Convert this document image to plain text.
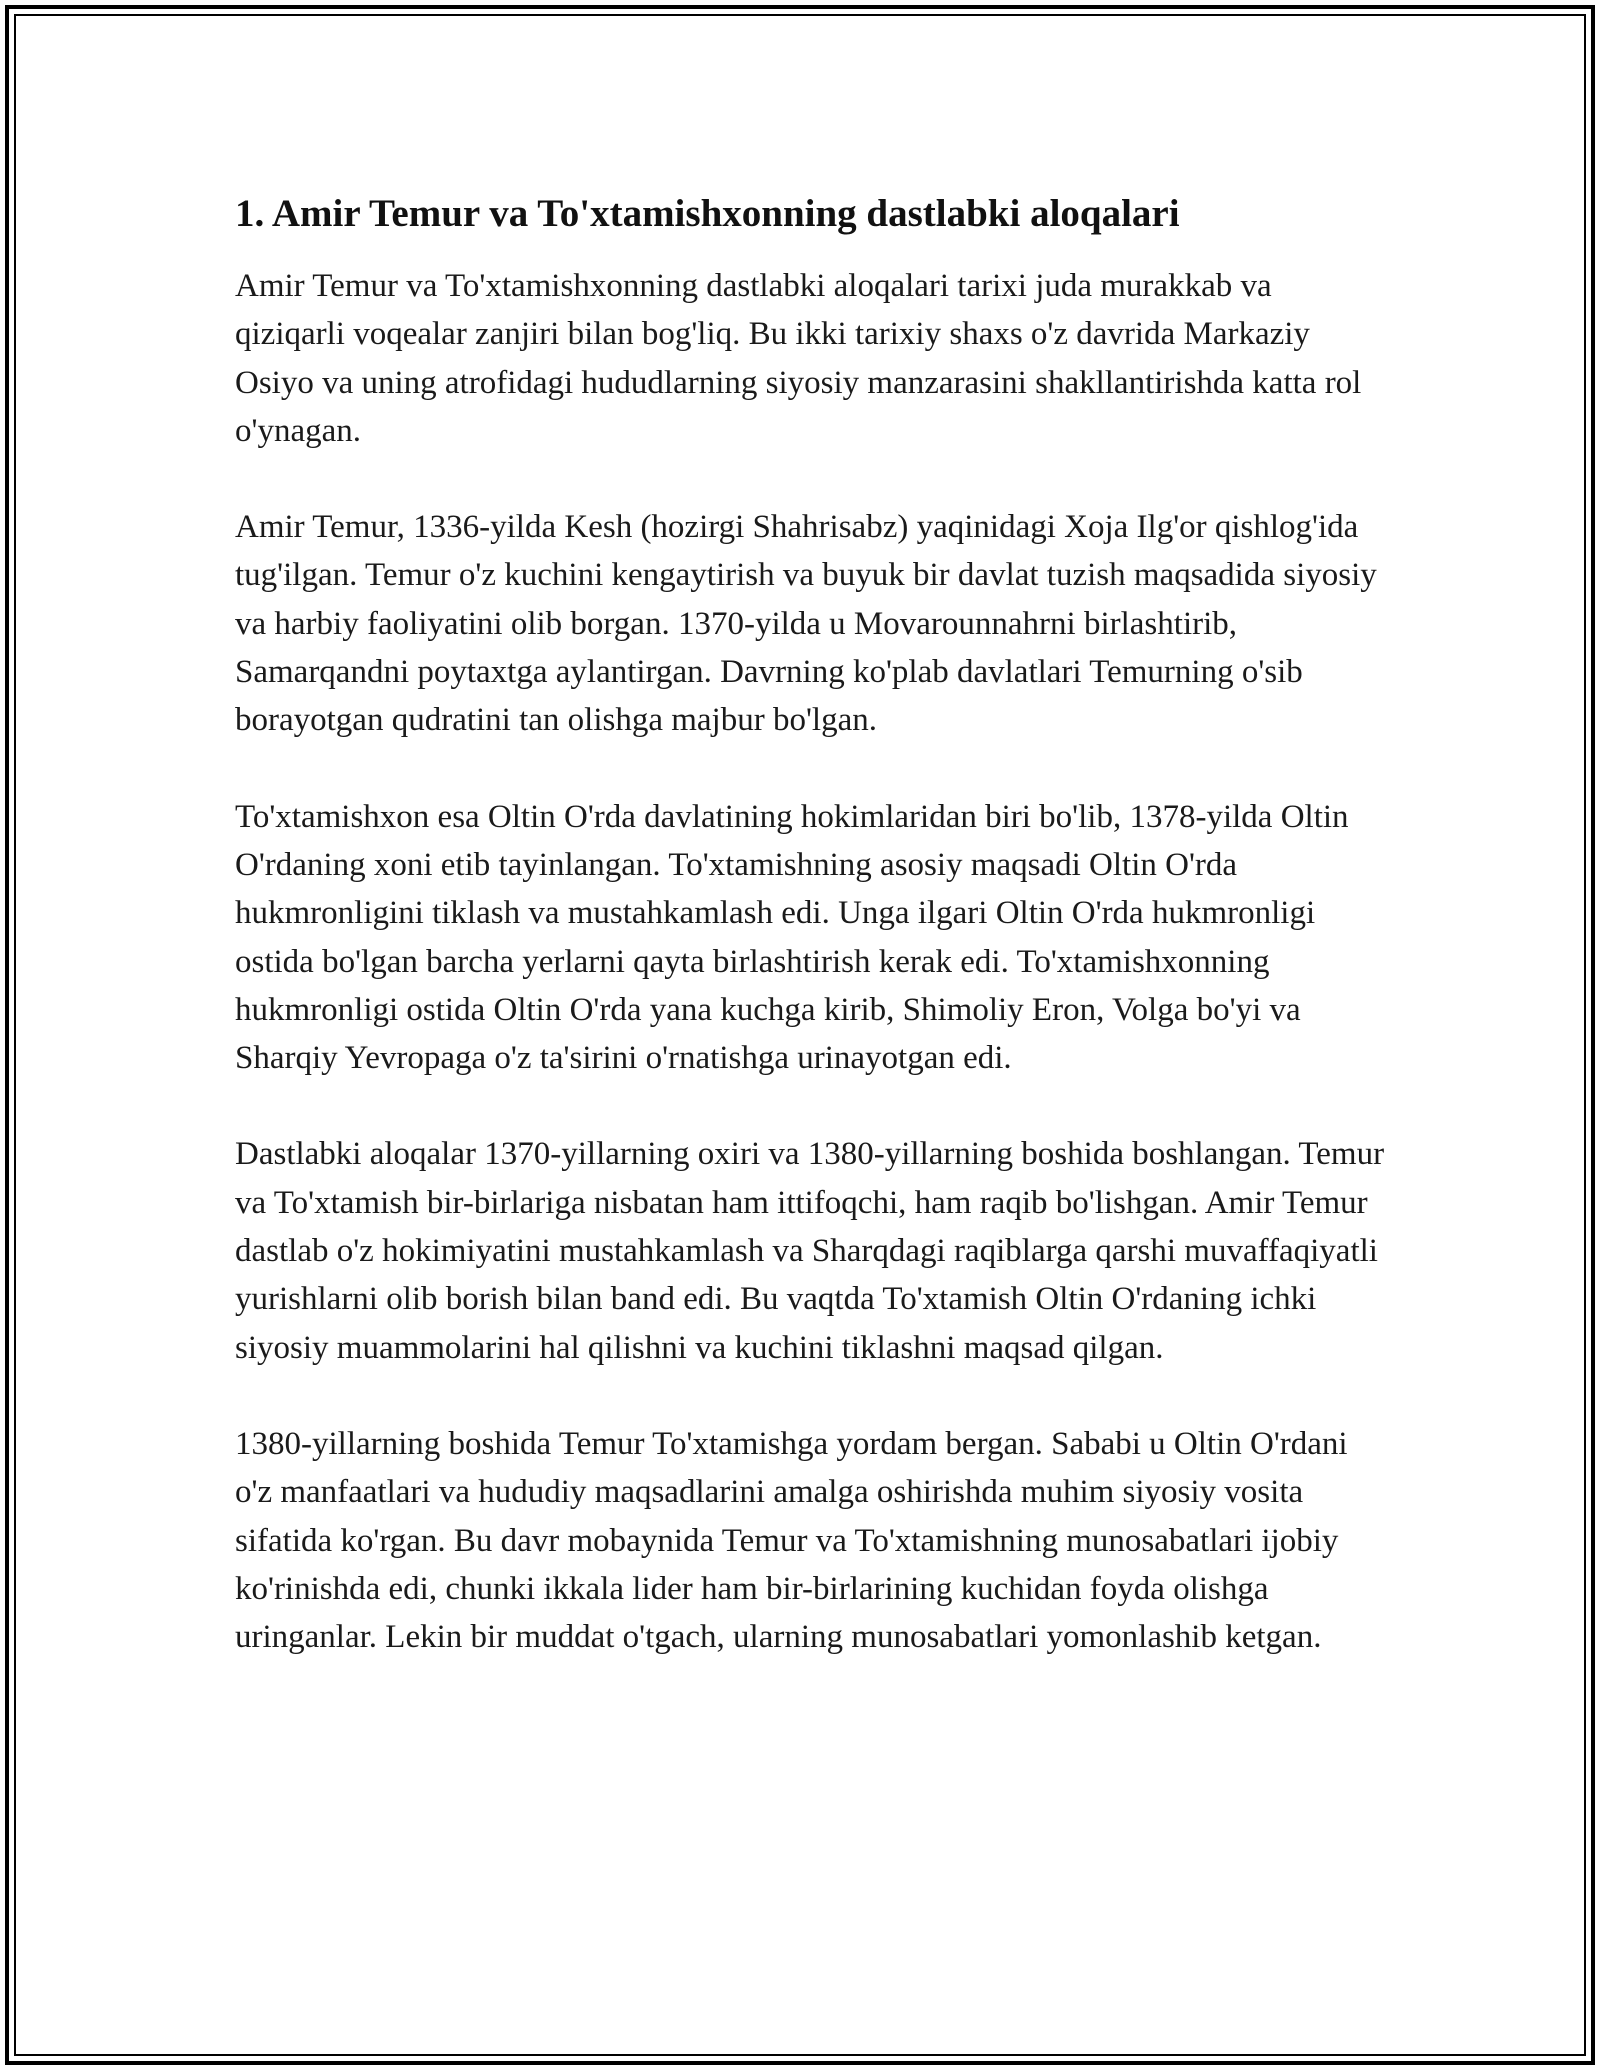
1. Amir Temur va To'xtamishxonning dastlabki aloqalari

Amir Temur va To'xtamishxonning dastlabki aloqalari tarixi juda murakkab va qiziqarli voqealar zanjiri bilan bog'liq. Bu ikki tarixiy shaxs o'z davrida Markaziy Osiyo va uning atrofidagi hududlarning siyosiy manzarasini shakllantirishda katta rol o'ynagan.

Amir Temur, 1336-yilda Kesh (hozirgi Shahrisabz) yaqinidagi Xoja Ilg'or qishlog'ida tug'ilgan. Temur o'z kuchini kengaytirish va buyuk bir davlat tuzish maqsadida siyosiy va harbiy faoliyatini olib borgan. 1370-yilda u Movarounnahrni birlashtirib, Samarqandni poytaxtga aylantirgan. Davrning ko'plab davlatlari Temurning o'sib borayotgan qudratini tan olishga majbur bo'lgan.

To'xtamishxon esa Oltin O'rda davlatining hokimlaridan biri bo'lib, 1378-yilda Oltin O'rdaning xoni etib tayinlangan. To'xtamishning asosiy maqsadi Oltin O'rda hukmronligini tiklash va mustahkamlash edi. Unga ilgari Oltin O'rda hukmronligi ostida bo'lgan barcha yerlarni qayta birlashtirish kerak edi. To'xtamishxonning hukmronligi ostida Oltin O'rda yana kuchga kirib, Shimoliy Eron, Volga bo'yi va Sharqiy Yevropaga o'z ta'sirini o'rnatishga urinayotgan edi.

Dastlabki aloqalar 1370-yillarning oxiri va 1380-yillarning boshida boshlangan. Temur va To'xtamish bir-birlariga nisbatan ham ittifoqchi, ham raqib bo'lishgan. Amir Temur dastlab o'z hokimiyatini mustahkamlash va Sharqdagi raqiblarga qarshi muvaffaqiyatli yurishlarni olib borish bilan band edi. Bu vaqtda To'xtamish Oltin O'rdaning ichki siyosiy muammolarini hal qilishni va kuchini tiklashni maqsad qilgan.

1380-yillarning boshida Temur To'xtamishga yordam bergan. Sababi u Oltin O'rdani o'z manfaatlari va hududiy maqsadlarini amalga oshirishda muhim siyosiy vosita sifatida ko'rgan. Bu davr mobaynida Temur va To'xtamishning munosabatlari ijobiy ko'rinishda edi, chunki ikkala lider ham bir-birlarining kuchidan foyda olishga uringanlar. Lekin bir muddat o'tgach, ularning munosabatlari yomonlashib ketgan.
